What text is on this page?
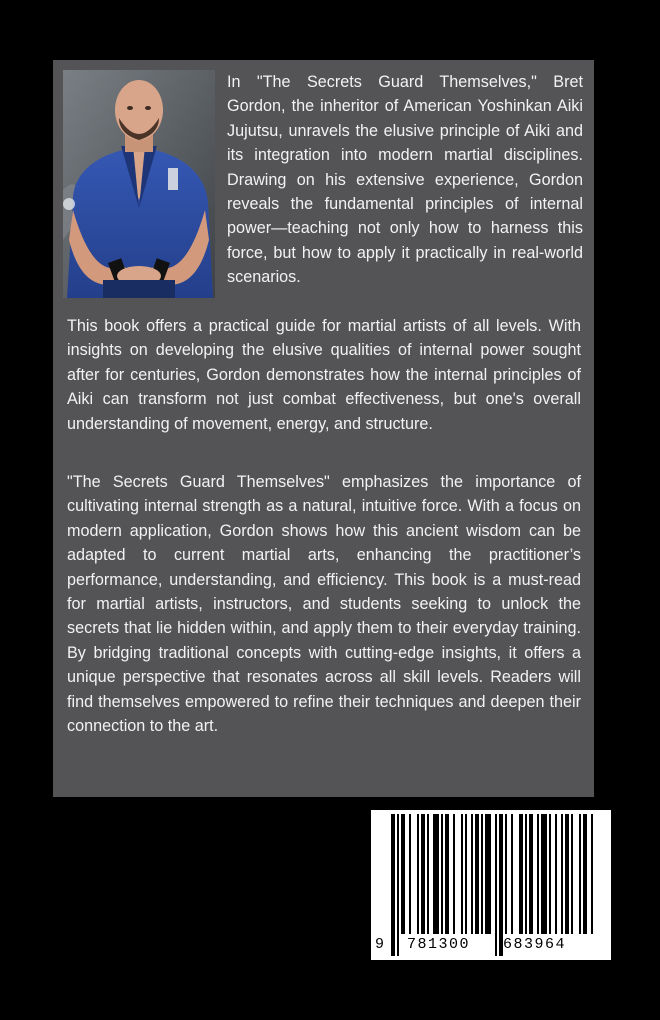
In "The Secrets Guard Themselves," Bret Gordon, the inheritor of American Yoshinkan Aiki Jujutsu, unravels the elusive principle of Aiki and its integration into modern martial disciplines. Drawing on his extensive experience, Gordon reveals the fundamental principles of internal power—teaching not only how to harness this force, but how to apply it practically in real-world scenarios.

This book offers a practical guide for martial artists of all levels. With insights on developing the elusive qualities of internal power sought after for centuries, Gordon demonstrates how the internal principles of Aiki can transform not just combat effectiveness, but one's overall understanding of movement, energy, and structure.

"The Secrets Guard Themselves" emphasizes the importance of cultivating internal strength as a natural, intuitive force. With a focus on modern application, Gordon shows how this ancient wisdom can be adapted to current martial arts, enhancing the practitioner’s performance, understanding, and efficiency. This book is a must-read for martial artists, instructors, and students seeking to unlock the secrets that lie hidden within, and apply them to their everyday training. By bridging traditional concepts with cutting-edge insights, it offers a unique perspective that resonates across all skill levels. Readers will find themselves empowered to refine their techniques and deepen their connection to the art.

9 781300 683964
